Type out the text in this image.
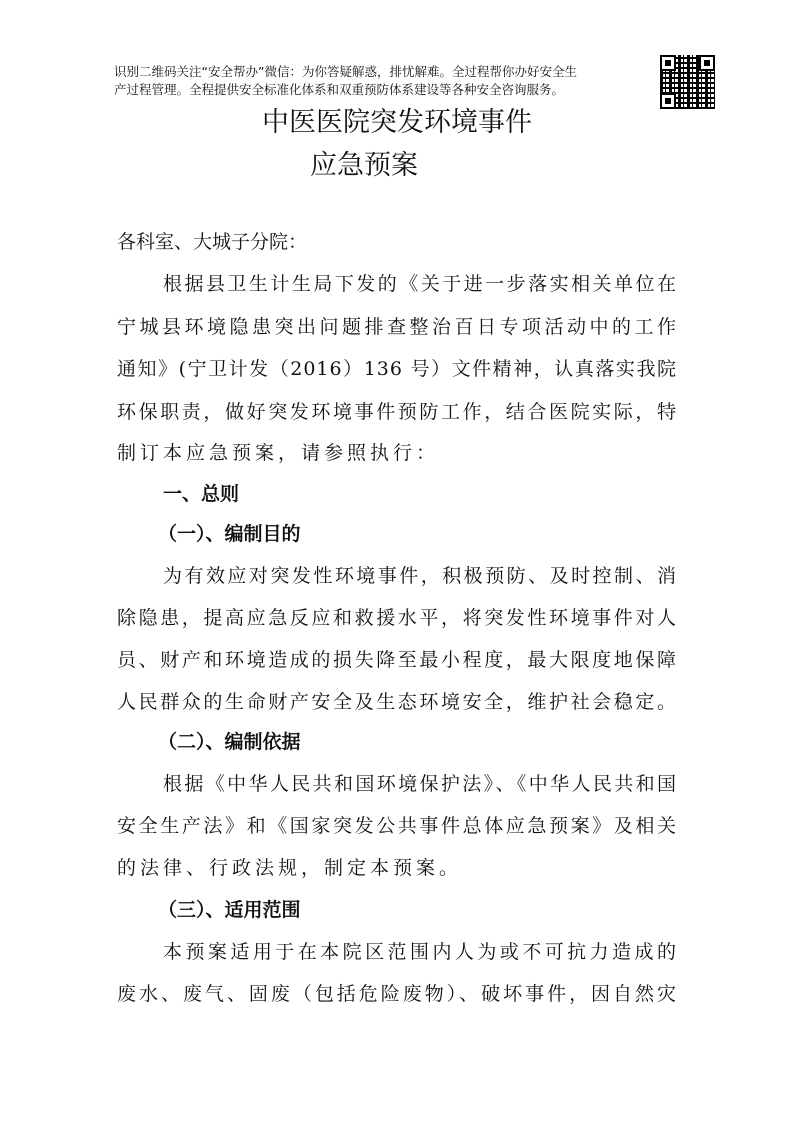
识别二维码关注“安全帮办”微信：为你答疑解惑，排忧解难。全过程帮你办好安全生
产过程管理。全程提供安全标准化体系和双重预防体系建设等各种安全咨询服务。
中医医院突发环境事件
应急预案
各科室、大城子分院：
根据县卫生计生局下发的《关于进一步落实相关单位在
宁城县环境隐患突出问题排查整治百日专项活动中的工作
通知》(宁卫计发（2016）136 号）文件精神，认真落实我院
环保职责，做好突发环境事件预防工作，结合医院实际，特
制订本应急预案，请参照执行：
一、总则
（一）、编制目的
为有效应对突发性环境事件，积极预防、及时控制、消
除隐患，提高应急反应和救援水平，将突发性环境事件对人
员、财产和环境造成的损失降至最小程度，最大限度地保障
人民群众的生命财产安全及生态环境安全，维护社会稳定。
（二）、编制依据
根据《中华人民共和国环境保护法》、《中华人民共和国
安全生产法》和《国家突发公共事件总体应急预案》及相关
的法律、行政法规，制定本预案。
（三）、适用范围
本预案适用于在本院区范围内人为或不可抗力造成的
废水、废气、固废（包括危险废物）、破坏事件，因自然灾
